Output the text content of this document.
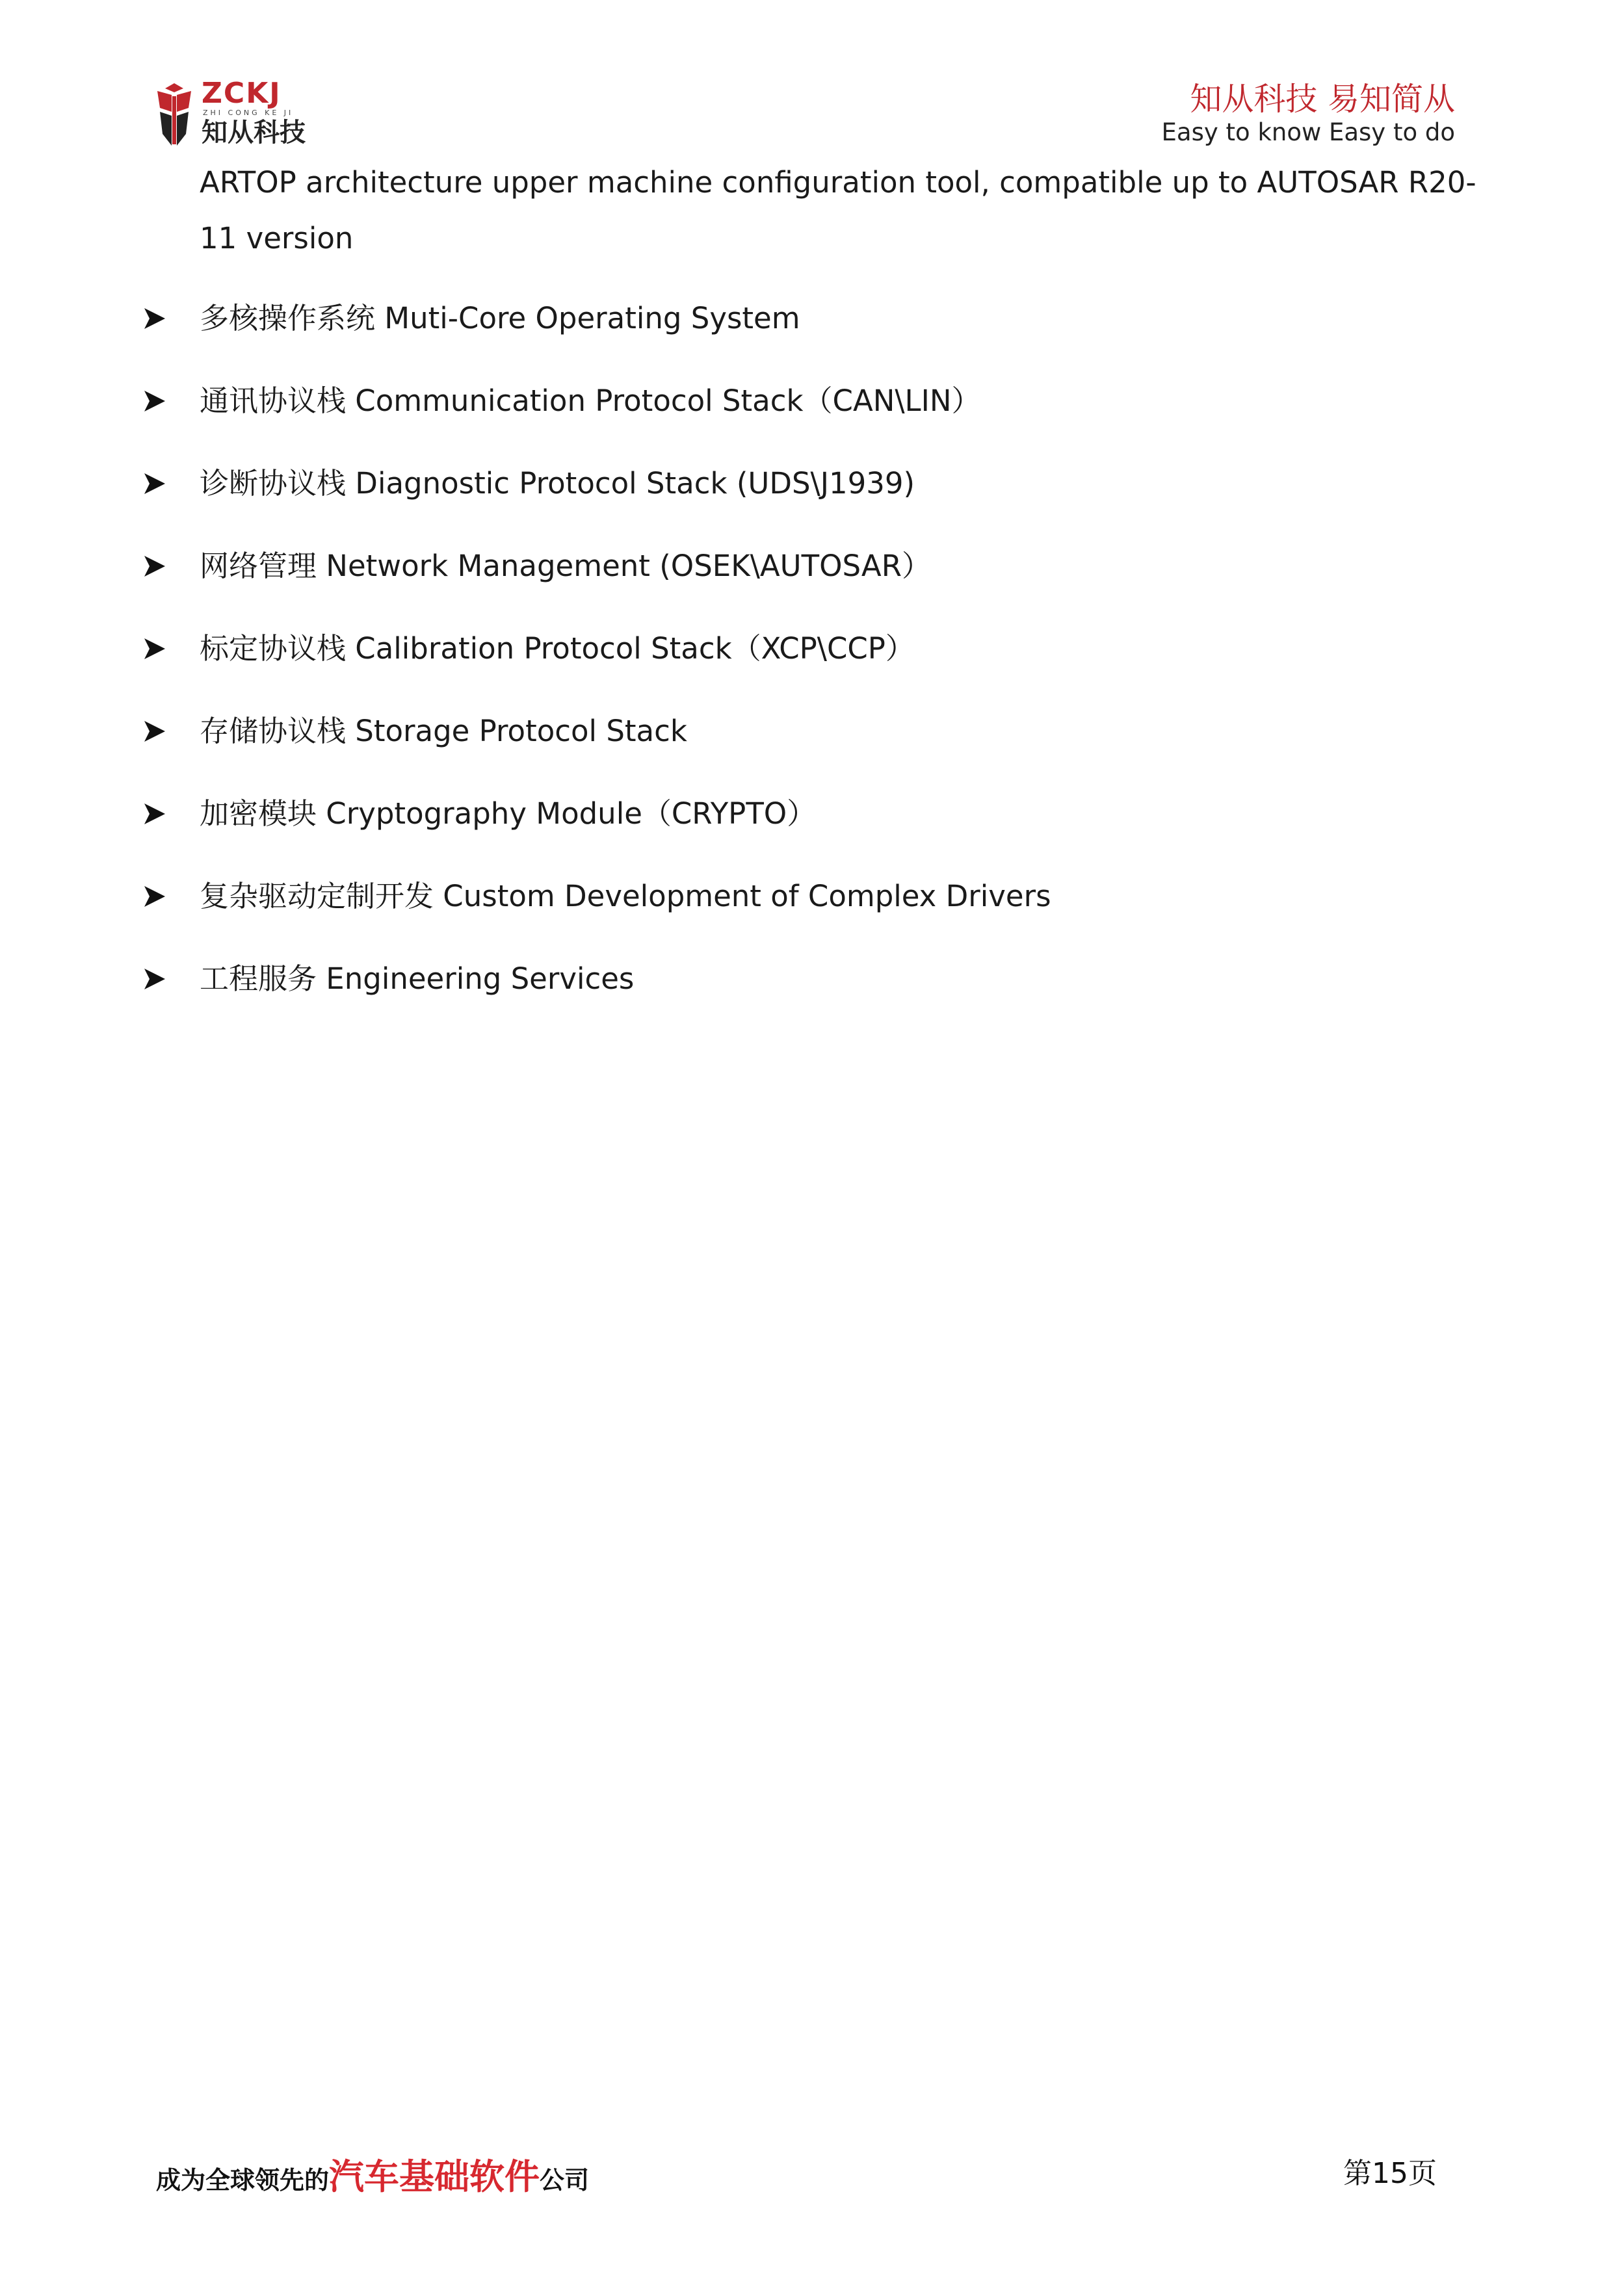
ZCKJ
ZHI CONG KE JI
知从科技
知从科技 易知简从
Easy to know Easy to do
ARTOP architecture upper machine configuration tool, compatible up to AUTOSAR R20-11 version
多核操作系统 Muti-Core Operating System
通讯协议栈 Communication Protocol Stack（CAN\LIN）
诊断协议栈 Diagnostic Protocol Stack (UDS\J1939)
网络管理 Network Management (OSEK\AUTOSAR）
标定协议栈 Calibration Protocol Stack（XCP\CCP）
存储协议栈 Storage Protocol Stack
加密模块 Cryptography Module（CRYPTO）
复杂驱动定制开发 Custom Development of Complex Drivers
工程服务 Engineering Services
成为全球领先的汽车基础软件公司	第15页
